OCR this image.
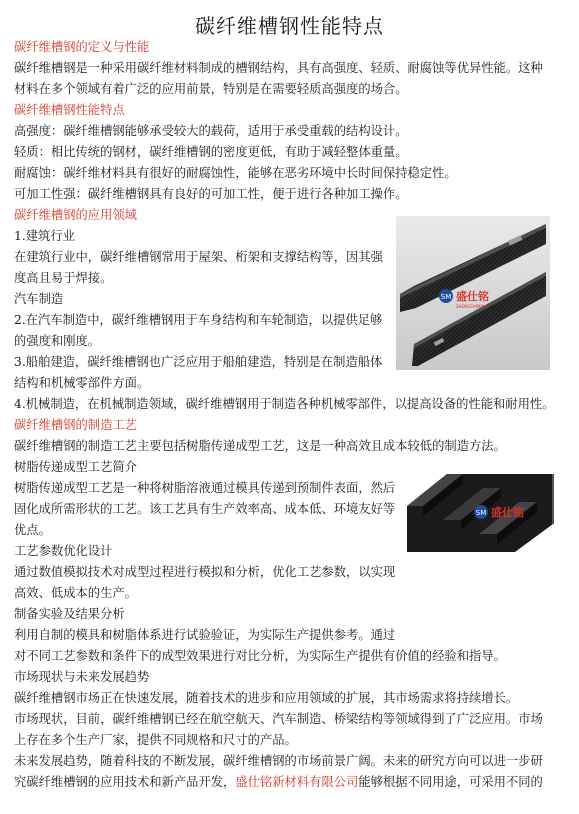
碳纤维槽钢性能特点
碳纤维槽钢的定义与性能
碳纤维槽钢是一种采用碳纤维材料制成的槽钢结构，具有高强度、轻质、耐腐蚀等优异性能。这种
材料在多个领域有着广泛的应用前景，特别是在需要轻质高强度的场合。
碳纤维槽钢性能特点
高强度：碳纤维槽钢能够承受较大的载荷，适用于承受重载的结构设计。
轻质：相比传统的钢材，碳纤维槽钢的密度更低，有助于减轻整体重量。
耐腐蚀：碳纤维材料具有很好的耐腐蚀性，能够在恶劣环境中长时间保持稳定性。
可加工性强：碳纤维槽钢具有良好的可加工性，便于进行各种加工操作。
碳纤维槽钢的应用领域
1.建筑行业
在建筑行业中，碳纤维槽钢常用于屋架、桁架和支撑结构等，因其强
度高且易于焊接。
汽车制造
2.在汽车制造中，碳纤维槽钢用于车身结构和车轮制造，以提供足够
的强度和刚度。
3.船舶建造，碳纤维槽钢也广泛应用于船舶建造，特别是在制造船体
结构和机械零部件方面。
4.机械制造，在机械制造领域，碳纤维槽钢用于制造各种机械零部件，以提高设备的性能和耐用性。
碳纤维槽钢的制造工艺
碳纤维槽钢的制造工艺主要包括树脂传递成型工艺，这是一种高效且成本较低的制造方法。
树脂传递成型工艺简介
树脂传递成型工艺是一种将树脂溶液通过模具传递到预制件表面，然后
固化成所需形状的工艺。该工艺具有生产效率高、成本低、环境友好等
优点。
工艺参数优化设计
通过数值模拟技术对成型过程进行模拟和分析，优化工艺参数，以实现
高效、低成本的生产。
制备实验及结果分析
利用自制的模具和树脂体系进行试验验证，为实际生产提供参考。通过
对不同工艺参数和条件下的成型效果进行对比分析，为实际生产提供有价值的经验和指导。
市场现状与未来发展趋势
碳纤维槽钢市场正在快速发展，随着技术的进步和应用领域的扩展，其市场需求将持续增长。
市场现状，目前，碳纤维槽钢已经在航空航天、汽车制造、桥梁结构等领域得到了广泛应用。市场
上存在多个生产厂家，提供不同规格和尺寸的产品。
未来发展趋势，随着科技的不断发展，碳纤维槽钢的市场前景广阔。未来的研究方向可以进一步研
究碳纤维槽钢的应用技术和新产品开发，盛仕铭新材料有限公司能够根据不同用途，可采用不同的
SM 盛仕铭
SHENGSHIMING
SM 盛仕铭
